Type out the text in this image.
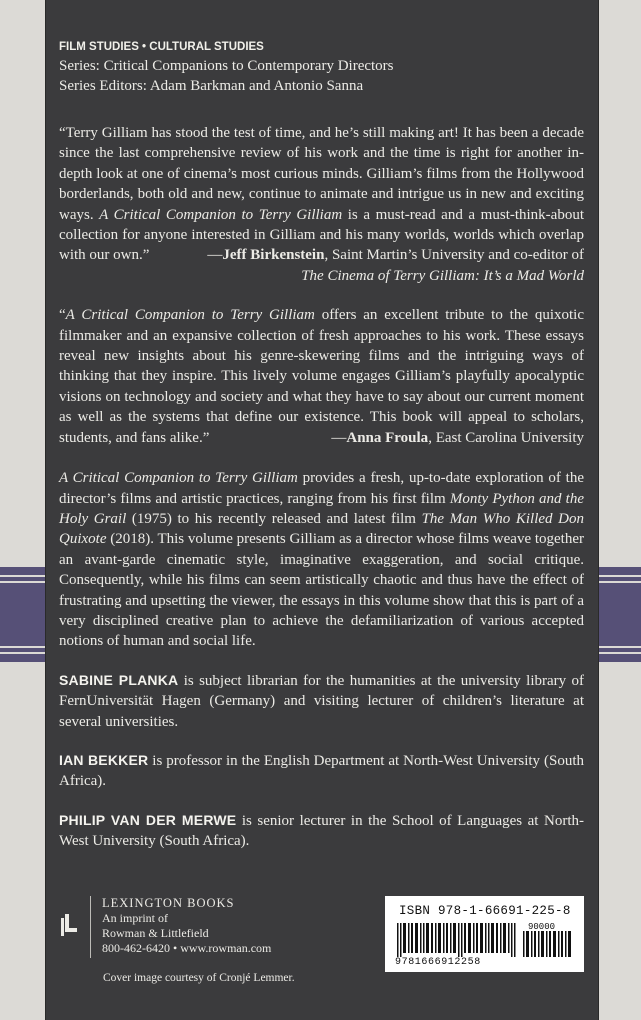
FILM STUDIES • CULTURAL STUDIES
Series: Critical Companions to Contemporary Directors
Series Editors: Adam Barkman and Antonio Sanna
“Terry Gilliam has stood the test of time, and he’s still making art! It has been a decade since the last comprehensive review of his work and the time is right for another in-depth look at one of cinema’s most curious minds. Gilliam’s films from the Hollywood borderlands, both old and new, continue to animate and intrigue us in new and exciting ways. A Critical Companion to Terry Gilliam is a must-read and a must-think-about collection for anyone interested in Gilliam and his many worlds, worlds which overlap with our own.”	—Jeff Birkenstein, Saint Martin’s University and co-editor of
The Cinema of Terry Gilliam: It’s a Mad World
“A Critical Companion to Terry Gilliam offers an excellent tribute to the quixotic filmmaker and an expansive collection of fresh approaches to his work. These essays reveal new insights about his genre-skewering films and the intriguing ways of thinking that they inspire. This lively volume engages Gilliam’s playfully apocalyptic visions on technology and society and what they have to say about our current moment as well as the systems that define our existence. This book will appeal to scholars, students, and fans alike.”	—Anna Froula, East Carolina University
A Critical Companion to Terry Gilliam provides a fresh, up-to-date exploration of the director’s films and artistic practices, ranging from his first film Monty Python and the Holy Grail (1975) to his recently released and latest film The Man Who Killed Don Quixote (2018). This volume presents Gilliam as a director whose films weave together an avant-garde cinematic style, imaginative exaggeration, and social critique. Consequently, while his films can seem artistically chaotic and thus have the effect of frustrating and upsetting the viewer, the essays in this volume show that this is part of a very disciplined creative plan to achieve the defamiliarization of various accepted notions of human and social life.
SABINE PLANKA is subject librarian for the humanities at the university library of FernUniversität Hagen (Germany) and visiting lecturer of children’s literature at several universities.
IAN BEKKER is professor in the English Department at North-West University (South Africa).
PHILIP VAN DER MERWE is senior lecturer in the School of Languages at North-West University (South Africa).
LEXINGTON BOOKS
An imprint of
Rowman & Littlefield
800-462-6420 • www.rowman.com
Cover image courtesy of Cronjé Lemmer.
ISBN 978-1-66691-225-8
90000
9781666912258
